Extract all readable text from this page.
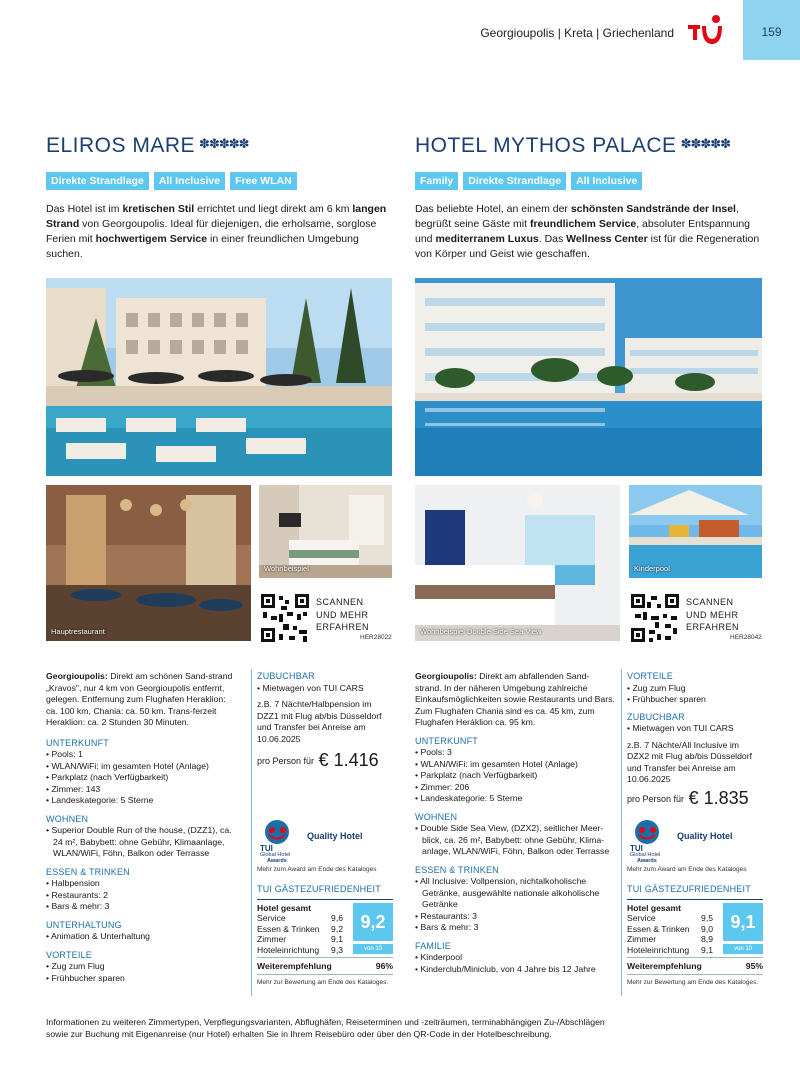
Georgioupolis | Kreta | Griechenland	159
ELIROS MARE ✽✽✽✽✽
Direkte Strandlage All Inclusive Free WLAN

Das Hotel ist im kretischen Stil errichtet und liegt direkt am 6 km langen Strand von Georgoupolis. Ideal für diejenigen, die erholsame, sorglose Ferien mit hochwertigem Service in einer freundlichen Umgebung suchen.

Hauptrestaurant
Wohnbeispiel
SCANNEN
UND MEHR
ERFAHREN
HER28022

Georgioupolis: Direkt am schönen Sand-strand „Kravos", nur 4 km von Georgioupolis entfernt, gelegen. Entfernung zum Flughafen Heraklion: ca. 100 km, Chania: ca. 50 km. Trans-ferzeit Heraklion: ca. 2 Stunden 30 Minuten.

UNTERKUNFT
• Pools: 1
• WLAN/WiFi: im gesamten Hotel (Anlage)
• Parkplatz (nach Verfügbarkeit)
• Zimmer: 143
• Landeskategorie: 5 Sterne
WOHNEN
• Superior Double Run of the house, (DZZ1), ca. 24 m², Babybett: ohne Gebühr, Klimaanlage, WLAN/WiFi, Föhn, Balkon oder Terrasse
ESSEN & TRINKEN
• Halbpension
• Restaurants: 2
• Bars & mehr: 3
UNTERHALTUNG
• Animation & Unterhaltung
VORTEILE
• Zug zum Flug
• Frühbucher sparen
ZUBUCHBAR
• Mietwagen von TUI CARS

z.B. 7 Nächte/Halbpension im DZZ1 mit Flug ab/bis Düsseldorf und Transfer bei Anreise am 10.06.2025

pro Person für € 1.416
TUI
Global Hotel
Awards
Quality Hotel
Mehr zum Award am Ende des Kataloges
TUI GÄSTEZUFRIEDENHEIT
Hotel gesamt
Service	9,6
Essen & Trinken 9,2
Zimmer	9,1
Hoteleinrichtung 9,3
9,2
von 10
Weiterempfehlung	96%
Mehr zur Bewertung am Ende des Kataloges.
HOTEL MYTHOS PALACE ✽✽✽✽✽
Family Direkte Strandlage All Inclusive

Das beliebte Hotel, an einem der schönsten Sandstrände der Insel, begrüßt seine Gäste mit freundlichem Service, absoluter Entspannung und mediterranem Luxus. Das Wellness Center ist für die Regeneration von Körper und Geist wie geschaffen.

Wohnbeispiel Double Side Sea View
Kinderpool
SCANNEN
UND MEHR
ERFAHREN
HER28042

Georgioupolis: Direkt am abfallenden Sand-strand. In der näheren Umgebung zahlreiche Einkaufsmöglichkeiten sowie Restaurants und Bars. Zum Flughafen Chania sind es ca. 45 km, zum Flughafen Heráklion ca. 95 km.

UNTERKUNFT
• Pools: 3
• WLAN/WiFi: im gesamten Hotel (Anlage)
• Parkplatz (nach Verfügbarkeit)
• Zimmer: 206
• Landeskategorie: 5 Sterne
WOHNEN
• Double Side Sea View, (DZX2), seitlicher Meer-blick, ca. 26 m², Babybett: ohne Gebühr, Klima-anlage, WLAN/WiFi, Föhn, Balkon oder Terrasse
ESSEN & TRINKEN
• All Inclusive: Vollpension, nichtalkoholische Getränke, ausgewählte nationale alkoholische Getränke
• Restaurants: 3
• Bars & mehr: 3
FAMILIE
• Kinderpool
• Kinderclub/Miniclub, von 4 Jahre bis 12 Jahre
VORTEILE
• Zug zum Flug
• Frühbucher sparen
ZUBUCHBAR
• Mietwagen von TUI CARS

z.B. 7 Nächte/All Inclusive im DZX2 mit Flug ab/bis Düsseldorf und Transfer bei Anreise am 10.06.2025

pro Person für € 1.835
TUI
Global Hotel
Awards
Quality Hotel
Mehr zum Award am Ende des Kataloges
TUI GÄSTEZUFRIEDENHEIT
Hotel gesamt
Service	9,5
Essen & Trinken 9,0
Zimmer	8,9
Hoteleinrichtung 9,1
9,1
von 10
Weiterempfehlung	95%
Mehr zur Bewertung am Ende des Kataloges.
Informationen zu weiteren Zimmertypen, Verpflegungsvarianten, Abflughäfen, Reiseterminen und -zeiträumen, terminabhängigen Zu-/Abschlägen
sowie zur Buchung mit Eigenanreise (nur Hotel) erhalten Sie in Ihrem Reisebüro oder über den QR-Code in der Hotelbeschreibung.
